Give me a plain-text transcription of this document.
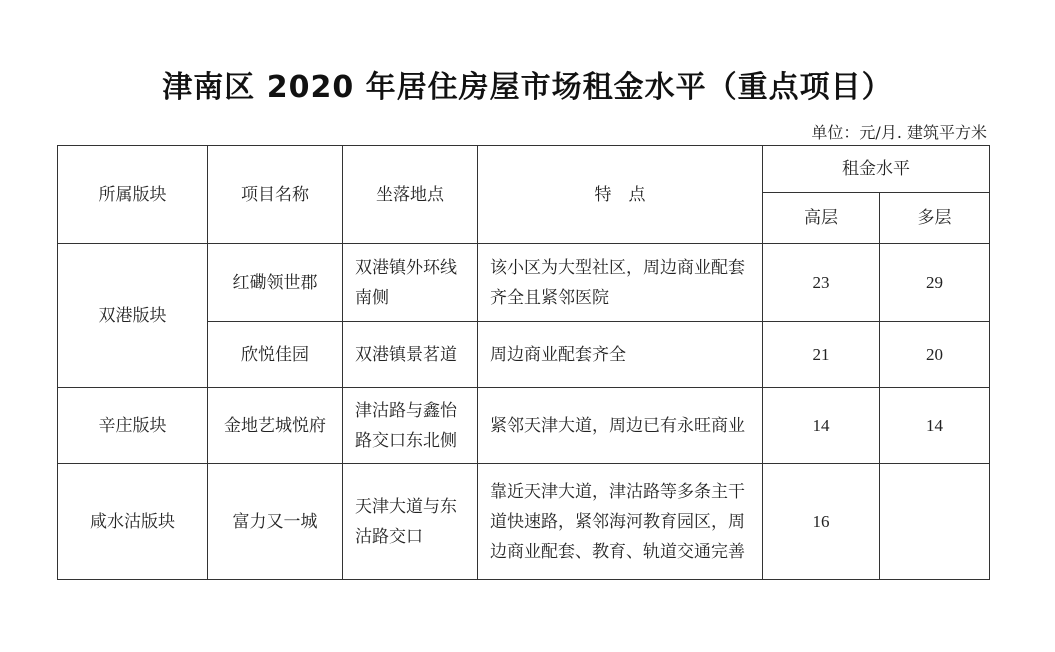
津南区 2020 年居住房屋市场租金水平（重点项目）
单位：元/月. 建筑平方米
所属版块	项目名称	坐落地点	特　点	租金水平	
				高层	多层
双港版块	红磡领世郡	双港镇外环线南侧	该小区为大型社区，周边商业配套齐全且紧邻医院	23	29
	欣悦佳园	双港镇景茗道	周边商业配套齐全	21	20
辛庄版块	金地艺城悦府	津沽路与鑫怡路交口东北侧	紧邻天津大道，周边已有永旺商业	14	14
咸水沽版块	富力又一城	天津大道与东沽路交口	靠近天津大道，津沽路等多条主干道快速路，紧邻海河教育园区，周边商业配套、教育、轨道交通完善	16	
